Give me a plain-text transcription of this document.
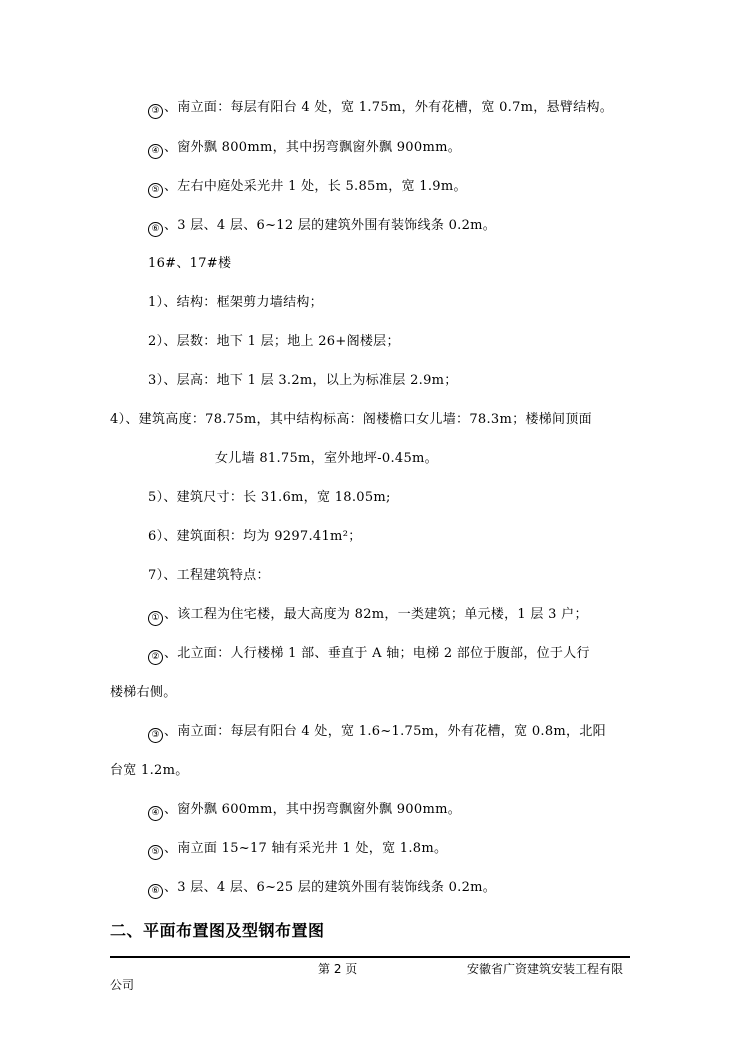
③ 、南立面：每层有阳台 4 处，宽 1.75m，外有花槽，宽 0.7m，悬臂结构。
④ 、窗外飘 800mm，其中拐弯飘窗外飘 900mm。
⑤ 、左右中庭处采光井 1 处，长 5.85m，宽 1.9m。
⑥ 、3 层、4 层、6~12 层的建筑外围有装饰线条 0.2m。
16#、17#楼
1）、结构：框架剪力墙结构；
2）、层数：地下 1 层；地上 26+阁楼层；
3）、层高：地下 1 层 3.2m，以上为标准层 2.9m；
4）、建筑高度：78.75m，其中结构标高：阁楼檐口女儿墙：78.3m；楼梯间顶面
女儿墙 81.75m，室外地坪-0.45m。
5）、建筑尺寸：长 31.6m，宽 18.05m;
6）、建筑面积：均为 9297.41m²；
7）、工程建筑特点：
① 、该工程为住宅楼，最大高度为 82m，一类建筑；单元楼，1 层 3 户；
② 、北立面：人行楼梯 1 部、垂直于 A 轴；电梯 2 部位于腹部，位于人行
楼梯右侧。
③ 、南立面：每层有阳台 4 处，宽 1.6~1.75m，外有花槽，宽 0.8m，北阳
台宽 1.2m。
④ 、窗外飘 600mm，其中拐弯飘窗外飘 900mm。
⑤ 、南立面 15~17 轴有采光井 1 处，宽 1.8m。
⑥ 、3 层、4 层、6~25 层的建筑外围有装饰线条 0.2m。
二、平面布置图及型钢布置图
第 2 页	安徽省广资建筑安装工程有限
公司
